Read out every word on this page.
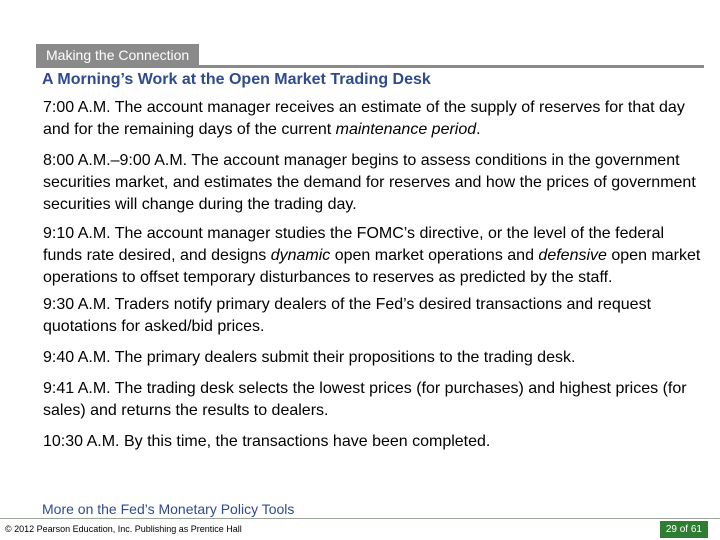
Making the Connection
A Morning’s Work at the Open Market Trading Desk
7:00 A.M. The account manager receives an estimate of the supply of reserves for that day and for the remaining days of the current maintenance period.
8:00 A.M.–9:00 A.M. The account manager begins to assess conditions in the government securities market, and estimates the demand for reserves and how the prices of government securities will change during the trading day.
9:10 A.M. The account manager studies the FOMC’s directive, or the level of the federal funds rate desired, and designs dynamic open market operations and defensive open market operations to offset temporary disturbances to reserves as predicted by the staff.
9:30 A.M. Traders notify primary dealers of the Fed’s desired transactions and request quotations for asked/bid prices.
9:40 A.M. The primary dealers submit their propositions to the trading desk.
9:41 A.M. The trading desk selects the lowest prices (for purchases) and highest prices (for sales) and returns the results to dealers.
10:30 A.M. By this time, the transactions have been completed.
More on the Fed’s Monetary Policy Tools
© 2012 Pearson Education, Inc. Publishing as Prentice Hall	29 of 61
